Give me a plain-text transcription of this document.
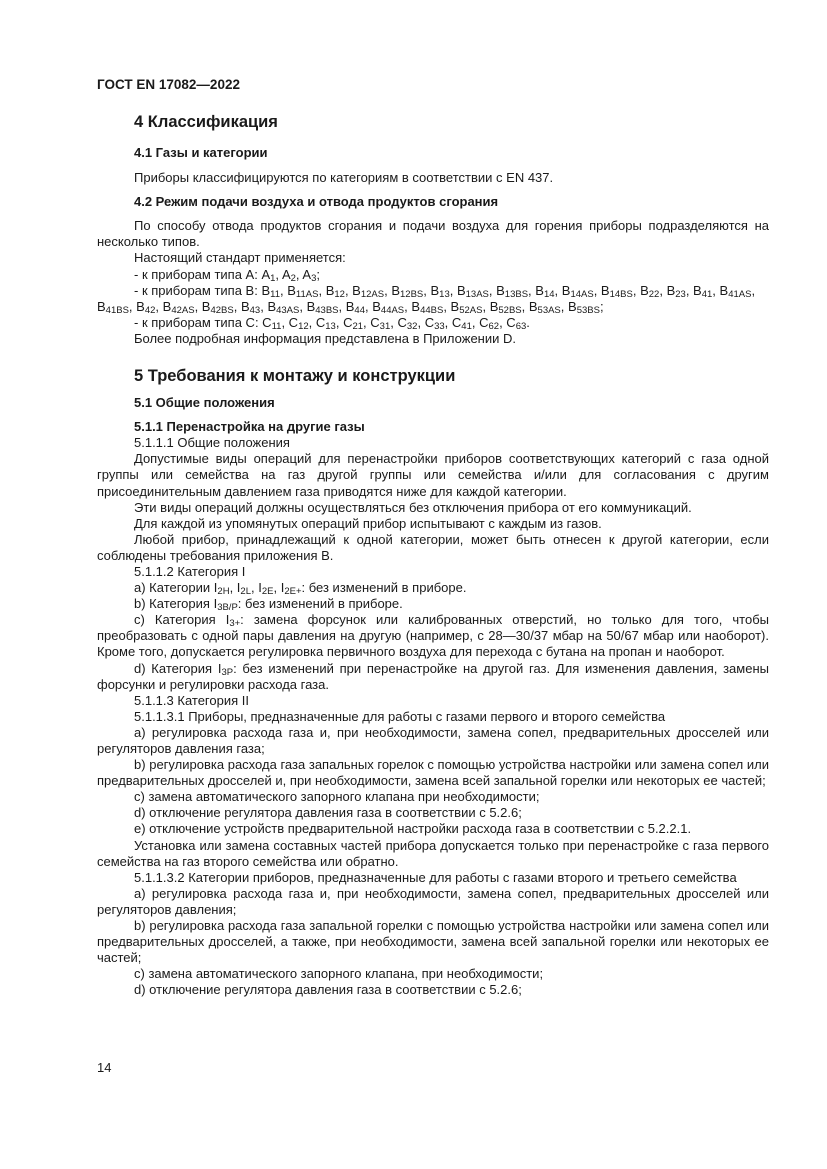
ГОСТ EN 17082—2022
4 Классификация
4.1 Газы и категории

Приборы классифицируются по категориям в соответствии с EN 437.

4.2 Режим подачи воздуха и отвода продуктов сгорания

По способу отвода продуктов сгорания и подачи воздуха для горения приборы подразделяются на несколько типов.

Настоящий стандарт применяется:

- к приборам типа А: $A_1$, $A_2$, $A_3$;

- к приборам типа В: $B_{11}$, $B_{11AS}$, $B_{12}$, $B_{12AS}$, $B_{12BS}$, $B_{13}$, $B_{13AS}$, $B_{13BS}$, $B_{14}$, $B_{14AS}$, $B_{14BS}$, $B_{22}$, $B_{23}$, $B_{41}$, $B_{41AS}$, $B_{41BS}$, $B_{42}$, $B_{42AS}$, $B_{42BS}$, $B_{43}$, $B_{43AS}$, $B_{43BS}$, $B_{44}$, $B_{44AS}$, $B_{44BS}$, $B_{52AS}$, $B_{52BS}$, $B_{53AS}$, $B_{53BS}$;

- к приборам типа С: $C_{11}$, $C_{12}$, $C_{13}$, $C_{21}$, $C_{31}$, $C_{32}$, $C_{33}$, $C_{41}$, $C_{62}$, $C_{63}$.

Более подробная информация представлена в Приложении D.

5 Требования к монтажу и конструкции
5.1 Общие положения
5.1.1 Перенастройка на другие газы

5.1.1.1 Общие положения

Допустимые виды операций для перенастройки приборов соответствующих категорий с газа одной группы или семейства на газ другой группы или семейства и/или для согласования с другим присоединительным давлением газа приводятся ниже для каждой категории.

Эти виды операций должны осуществляться без отключения прибора от его коммуникаций.

Для каждой из упомянутых операций прибор испытывают с каждым из газов.

Любой прибор, принадлежащий к одной категории, может быть отнесен к другой категории, если соблюдены требования приложения В.

5.1.1.2 Категория I

a) Категории $I_{2H}$, $I_{2L}$, $I_{2E}$, $I_{2E+}$: без изменений в приборе.

b) Категория $I_{3B/P}$: без изменений в приборе.

c) Категория $I_{3+}$: замена форсунок или калиброванных отверстий, но только для того, чтобы преобразовать с одной пары давления на другую (например, с 28—30/37 мбар на 50/67 мбар или наоборот). Кроме того, допускается регулировка первичного воздуха для перехода с бутана на пропан и наоборот.

d) Категория $I_{3P}$: без изменений при перенастройке на другой газ. Для изменения давления, замены форсунки и регулировки расхода газа.

5.1.1.3 Категория II

5.1.1.3.1 Приборы, предназначенные для работы с газами первого и второго семейства

a) регулировка расхода газа и, при необходимости, замена сопел, предварительных дросселей или регуляторов давления газа;

b) регулировка расхода газа запальных горелок с помощью устройства настройки или замена сопел или предварительных дросселей и, при необходимости, замена всей запальной горелки или некоторых ее частей;

c) замена автоматического запорного клапана при необходимости;

d) отключение регулятора давления газа в соответствии с 5.2.6;

e) отключение устройств предварительной настройки расхода газа в соответствии с 5.2.2.1.

Установка или замена составных частей прибора допускается только при перенастройке с газа первого семейства на газ второго семейства или обратно.

5.1.1.3.2 Категории приборов, предназначенные для работы с газами второго и третьего семейства

a) регулировка расхода газа и, при необходимости, замена сопел, предварительных дросселей или регуляторов давления;

b) регулировка расхода газа запальной горелки с помощью устройства настройки или замена сопел или предварительных дросселей, а также, при необходимости, замена всей запальной горелки или некоторых ее частей;

c) замена автоматического запорного клапана, при необходимости;

d) отключение регулятора давления газа в соответствии с 5.2.6;

14
